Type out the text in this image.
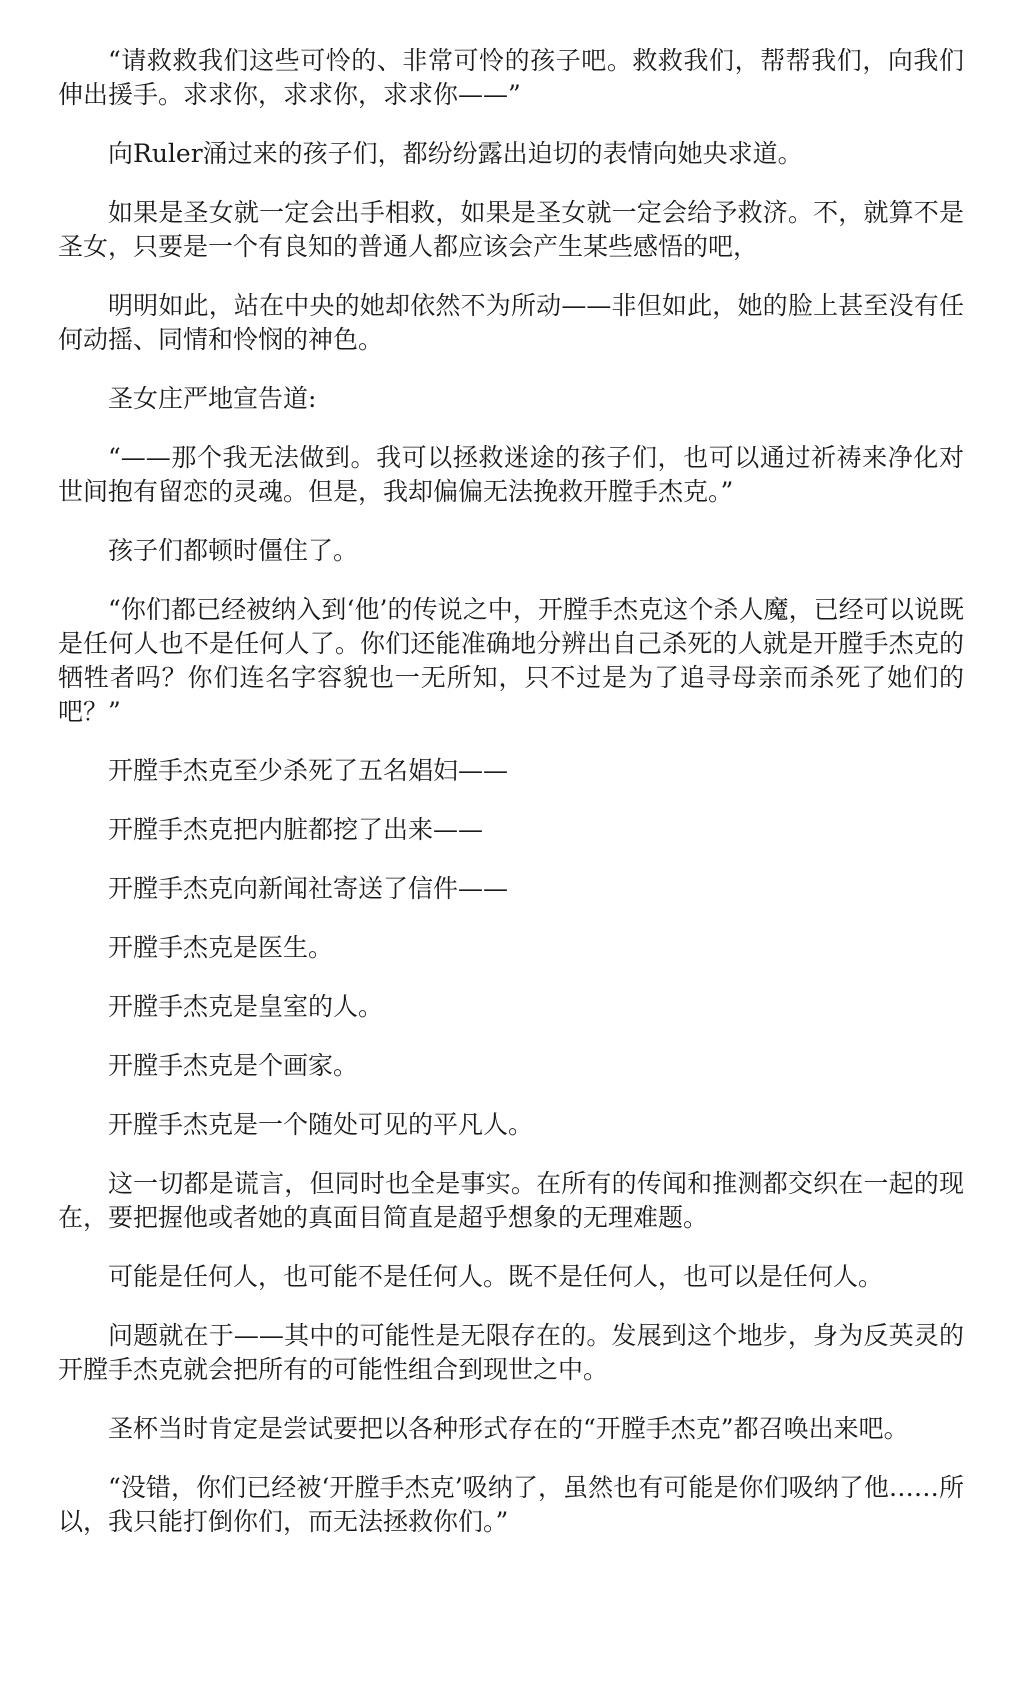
“请救救我们这些可怜的、非常可怜的孩子吧。救救我们，帮帮我们，向我们伸出援手。求求你，求求你，求求你——”

向Ruler涌过来的孩子们，都纷纷露出迫切的表情向她央求道。

如果是圣女就一定会出手相救，如果是圣女就一定会给予救济。不，就算不是圣女，只要是一个有良知的普通人都应该会产生某些感悟的吧，

明明如此，站在中央的她却依然不为所动——非但如此，她的脸上甚至没有任何动摇、同情和怜悯的神色。

圣女庄严地宣告道:

“——那个我无法做到。我可以拯救迷途的孩子们，也可以通过祈祷来净化对世间抱有留恋的灵魂。但是，我却偏偏无法挽救开膛手杰克。”

孩子们都顿时僵住了。

“你们都已经被纳入到‘他’的传说之中，开膛手杰克这个杀人魔，已经可以说既是任何人也不是任何人了。你们还能准确地分辨出自己杀死的人就是开膛手杰克的牺牲者吗？你们连名字容貌也一无所知，只不过是为了追寻母亲而杀死了她们的吧？”

开膛手杰克至少杀死了五名娼妇——

开膛手杰克把内脏都挖了出来——

开膛手杰克向新闻社寄送了信件——

开膛手杰克是医生。

开膛手杰克是皇室的人。

开膛手杰克是个画家。

开膛手杰克是一个随处可见的平凡人。

这一切都是谎言，但同时也全是事实。在所有的传闻和推测都交织在一起的现在，要把握他或者她的真面目简直是超乎想象的无理难题。

可能是任何人，也可能不是任何人。既不是任何人，也可以是任何人。

问题就在于——其中的可能性是无限存在的。发展到这个地步，身为反英灵的开膛手杰克就会把所有的可能性组合到现世之中。

圣杯当时肯定是尝试要把以各种形式存在的“开膛手杰克”都召唤出来吧。

“没错，你们已经被‘开膛手杰克’吸纳了，虽然也有可能是你们吸纳了他……所以，我只能打倒你们，而无法拯救你们。”
